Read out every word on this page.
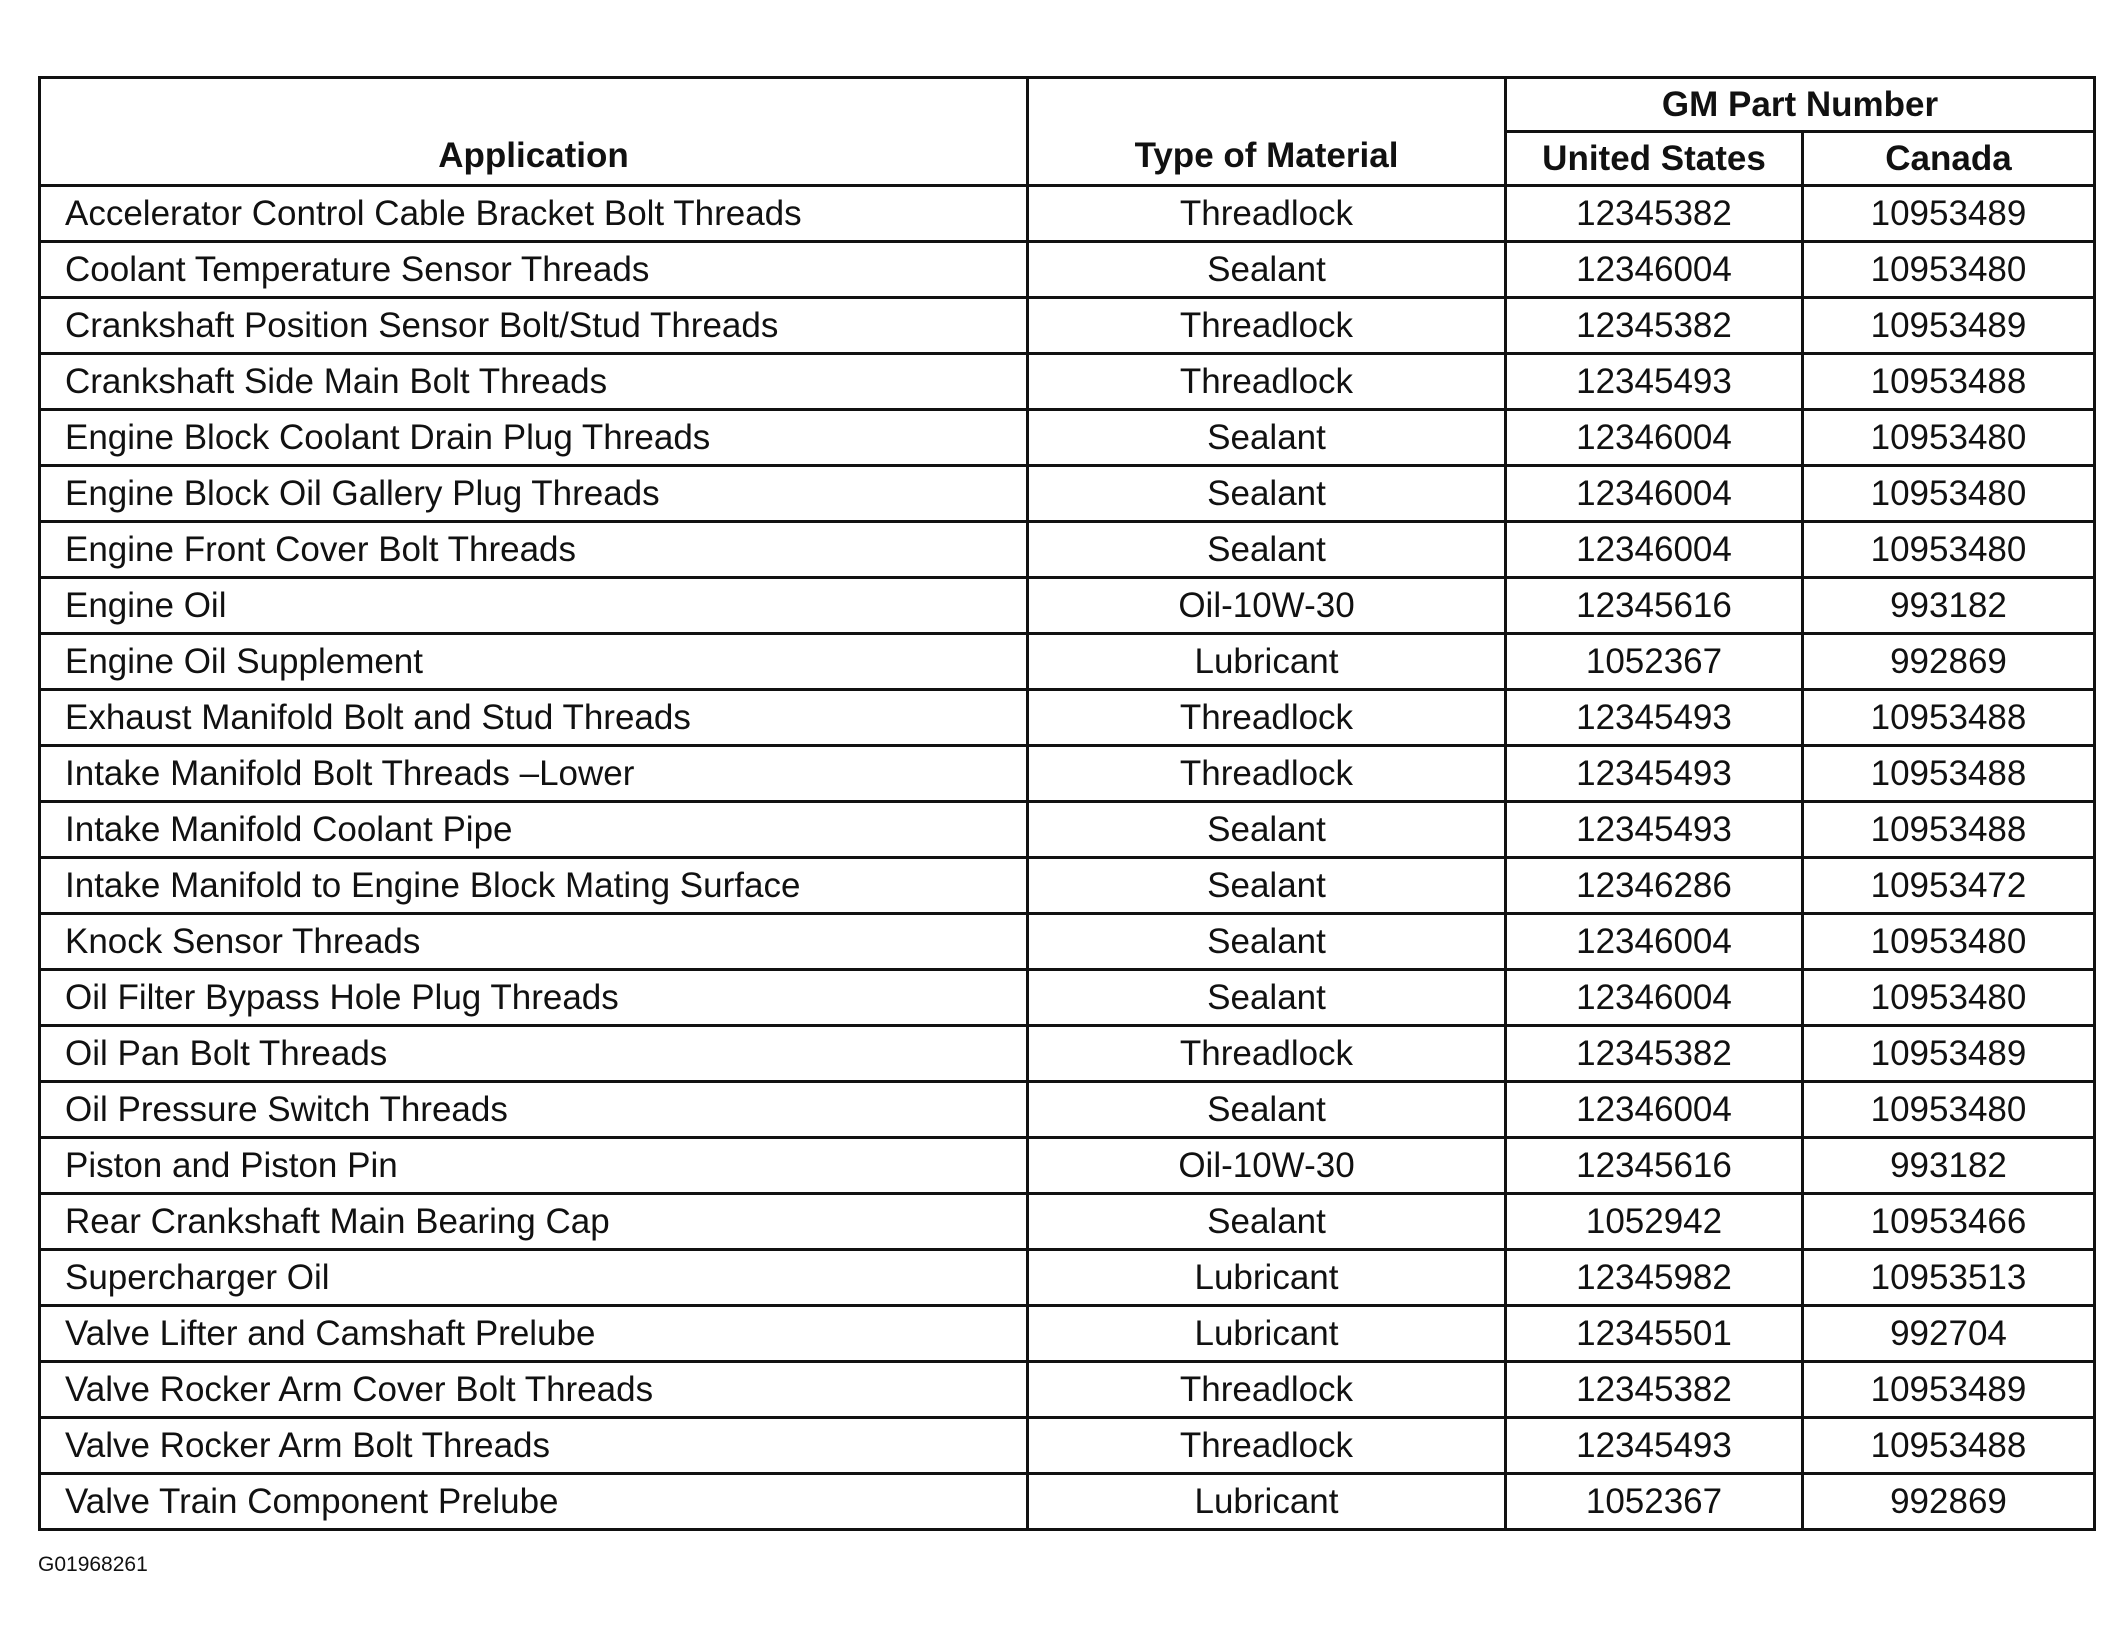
Application	Type of Material	GM Part Number	
		United States	Canada
Accelerator Control Cable Bracket Bolt Threads	Threadlock	12345382	10953489
Coolant Temperature Sensor Threads	Sealant	12346004	10953480
Crankshaft Position Sensor Bolt/Stud Threads	Threadlock	12345382	10953489
Crankshaft Side Main Bolt Threads	Threadlock	12345493	10953488
Engine Block Coolant Drain Plug Threads	Sealant	12346004	10953480
Engine Block Oil Gallery Plug Threads	Sealant	12346004	10953480
Engine Front Cover Bolt Threads	Sealant	12346004	10953480
Engine Oil	Oil-10W-30	12345616	993182
Engine Oil Supplement	Lubricant	1052367	992869
Exhaust Manifold Bolt and Stud Threads	Threadlock	12345493	10953488
Intake Manifold Bolt Threads –Lower	Threadlock	12345493	10953488
Intake Manifold Coolant Pipe	Sealant	12345493	10953488
Intake Manifold to Engine Block Mating Surface	Sealant	12346286	10953472
Knock Sensor Threads	Sealant	12346004	10953480
Oil Filter Bypass Hole Plug Threads	Sealant	12346004	10953480
Oil Pan Bolt Threads	Threadlock	12345382	10953489
Oil Pressure Switch Threads	Sealant	12346004	10953480
Piston and Piston Pin	Oil-10W-30	12345616	993182
Rear Crankshaft Main Bearing Cap	Sealant	1052942	10953466
Supercharger Oil	Lubricant	12345982	10953513
Valve Lifter and Camshaft Prelube	Lubricant	12345501	992704
Valve Rocker Arm Cover Bolt Threads	Threadlock	12345382	10953489
Valve Rocker Arm Bolt Threads	Threadlock	12345493	10953488
Valve Train Component Prelube	Lubricant	1052367	992869
G01968261
